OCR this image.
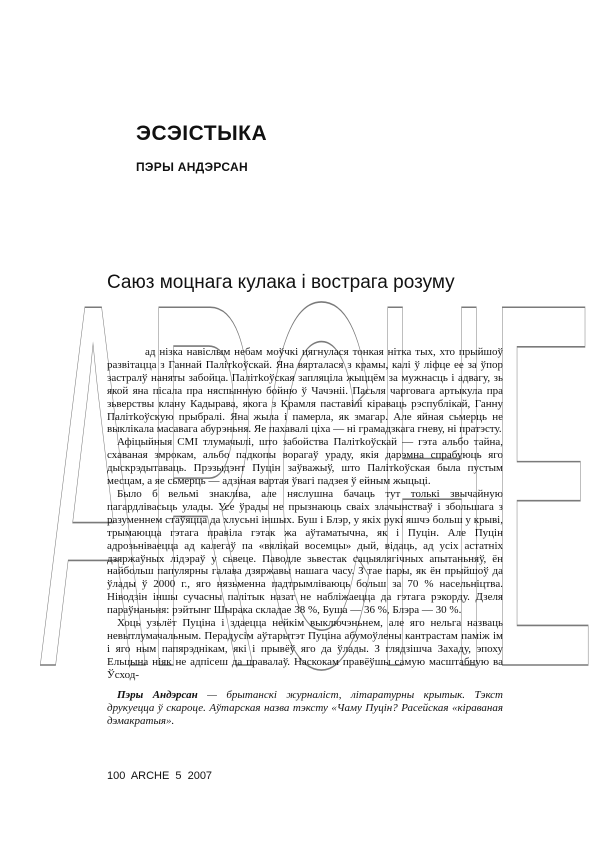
ARCHE
ЭСЭІСТЫКА
ПЭРЫ АНДЭРСАН
Саюз моцнага кулака і вострага розуму

ад нізка навіслым небам моўчкі цягнулася тонкая нітка тых, хто прыйшоў развітацца з Ганнай Палітkоўскай. Яна вярталася з крамы, калі ў ліфце ее за ўпор застралў наняты забойца. Палітkоўская запляціла жыццём за мужнасць і адвагу, зь якой яна пісала пра няспынную бойню ў Чачэніі. Пасьля чарговага артыкула пра зьверствы клану Кадырава, якога з Крамля паставілі кіраваць рэспублікай, Ганну Палітkоўскую прыбралі. Яна жыла і памерла, як змагар. Але яйная сьмерць не выклікала масавага абурэньня. Яе пахавалі ціха — ні грамадзкага гневу, ні пратэсту.

Афіцыйныя СМІ тлумачылі, што забойства Палітkоўскай — гэта альбо тайна, схаваная змрокам, альбо падкопы ворагаў ураду, якія дарэмна спрабуюць яго дыскрэдытаваць. Прэзыдэнт Пуцін заўважыў, што Палітkоўская была пустым месцам, а яе сьмерць — адзіная вартая ўвагі падзея ў ейным жыцьці.

Было б вельмі знакліва, але няслушна бачаць тут толькі звычайную пагардлівасьць улады. Усе ўрады не прызнаюць сваіх злачынстваў і збольшага з разуменнем стаўяцца да хлусьні іншых. Буш і Блэр, у якіх рукі яшчэ больш у крыві, трымаюцца гэтага правіла гэтак жа аўтаматычна, як і Пуцін. Але Пуцін адрозьніваецца ад калегаў па «вялікай восемцы» дый, відаць, ад усіх астатніх дзяржаўных лідэраў у сьвеце. Паводле зьвестак сацыялягічных апытаньняў, ён найбольш папулярны галава дзяржавы нашага часу. З тае пары, як ён прыйшоў да ўлады ў 2000 г., яго нязьменна падтрымліваюць больш за 70 % насельніцтва. Ніводзін іншы сучасны палітык назат не набліжаецца да гэтага рэкорду. Дзеля параўнаньня: рэйтынг Шырака складае 38 %, Буша — 36 %, Блэра — 30 %.

Хоць узьлёт Пуціна і здаецца нейкім выключэньнем, але яго нельга назваць невытлумачальным. Перадусім аўтарытэт Пуціна абумоўлены кантрастам паміж ім і яго ным папярэднікам, які і прывёў яго да ўлады. З глядзішча Захаду, эпоху Ельцына ніяк не адпісеш да правалаў. Наскокам правёўшы самую масштабную ва Ўсход-

Пэры Андэрсан — брытанскі журналіст, літаратурны крытык. Тэкст друкуецца ў скароце. Аўтарская назва тэксту «Чаму Пуцін? Расейская «кіраваная дэмакратыя».

100 ARCHE 5 2007
